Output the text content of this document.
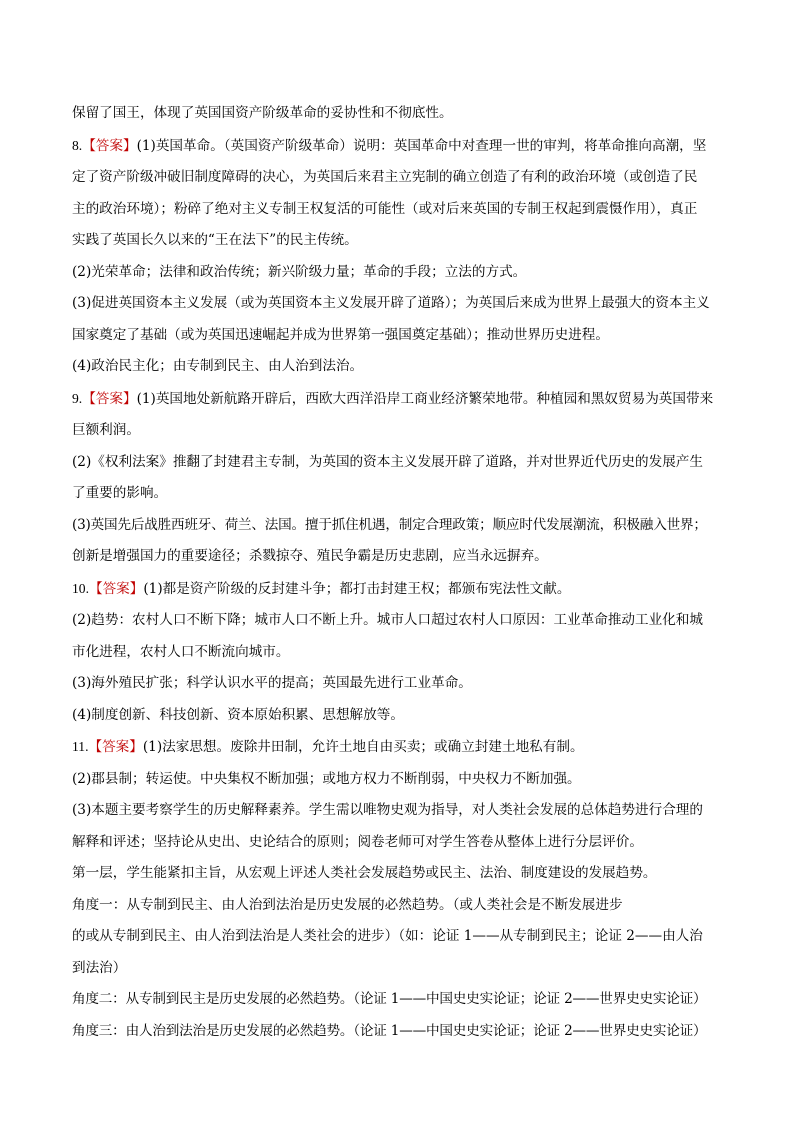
保留了国王，体现了英国国资产阶级革命的妥协性和不彻底性。
8.【答案】(1)英国革命。（英国资产阶级革命）说明：英国革命中对查理一世的审判，将革命推向高潮，坚
定了资产阶级冲破旧制度障碍的决心，为英国后来君主立宪制的确立创造了有利的政治环境（或创造了民
主的政治环境）；粉碎了绝对主义专制王权复活的可能性（或对后来英国的专制王权起到震慑作用），真正
实践了英国长久以来的“王在法下”的民主传统。
(2)光荣革命；法律和政治传统；新兴阶级力量；革命的手段；立法的方式。
(3)促进英国资本主义发展（或为英国资本主义发展开辟了道路）；为英国后来成为世界上最强大的资本主义
国家奠定了基础（或为英国迅速崛起并成为世界第一强国奠定基础）；推动世界历史进程。
(4)政治民主化；由专制到民主、由人治到法治。
9.【答案】(1)英国地处新航路开辟后，西欧大西洋沿岸工商业经济繁荣地带。种植园和黑奴贸易为英国带来
巨额利润。
(2)《权利法案》推翻了封建君主专制，为英国的资本主义发展开辟了道路，并对世界近代历史的发展产生
了重要的影响。
(3)英国先后战胜西班牙、荷兰、法国。擅于抓住机遇，制定合理政策；顺应时代发展潮流，积极融入世界；
创新是增强国力的重要途径；杀戮掠夺、殖民争霸是历史悲剧，应当永远摒弃。
10.【答案】(1)都是资产阶级的反封建斗争；都打击封建王权；都颁布宪法性文献。
(2)趋势：农村人口不断下降；城市人口不断上升。城市人口超过农村人口原因：工业革命推动工业化和城
市化进程，农村人口不断流向城市。
(3)海外殖民扩张；科学认识水平的提高；英国最先进行工业革命。
(4)制度创新、科技创新、资本原始积累、思想解放等。
11.【答案】(1)法家思想。废除井田制，允许土地自由买卖；或确立封建土地私有制。
(2)郡县制；转运使。中央集权不断加强；或地方权力不断削弱，中央权力不断加强。
(3)本题主要考察学生的历史解释素养。学生需以唯物史观为指导，对人类社会发展的总体趋势进行合理的
解释和评述；坚持论从史出、史论结合的原则；阅卷老师可对学生答卷从整体上进行分层评价。
第一层，学生能紧扣主旨，从宏观上评述人类社会发展趋势或民主、法治、制度建设的发展趋势。
角度一：从专制到民主、由人治到法治是历史发展的必然趋势。（或人类社会是不断发展进步
的或从专制到民主、由人治到法治是人类社会的进步）（如：论证 1——从专制到民主；论证 2——由人治
到法治）
角度二：从专制到民主是历史发展的必然趋势。（论证 1——中国史史实论证；论证 2——世界史史实论证）
角度三：由人治到法治是历史发展的必然趋势。（论证 1——中国史史实论证；论证 2——世界史史实论证）
